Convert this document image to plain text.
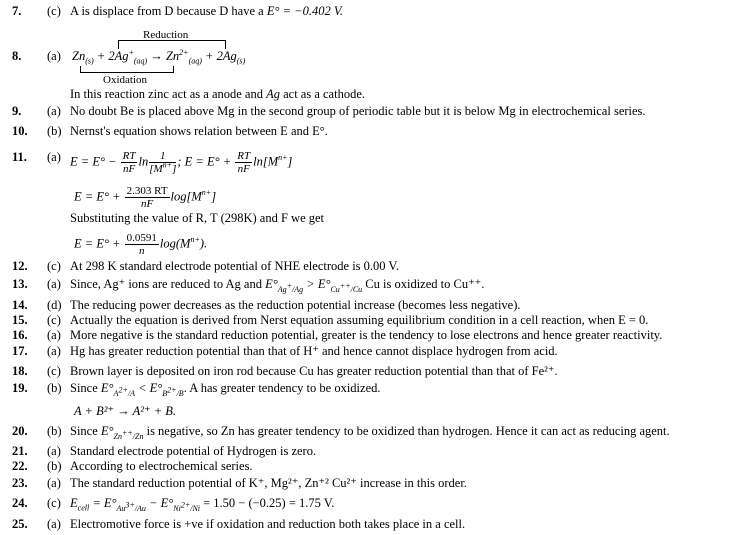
7. (c) A is displace from D because D have a E° = −0.402 V.
Reduction
8. (a) $Zn_{(s)} + 2Ag^+_{(aq)} \to Zn^{2+}_{(aq)} + 2Ag_{(s)}$
Oxidation
In this reaction zinc act as a anode and Ag act as a cathode.
9. (a) No doubt Be is placed above Mg in the second group of periodic table but it is below Mg in electrochemical series.
10. (b) Nernst's equation shows relation between E and E°.
11. (a) $E = E^\circ - \frac{RT}{nF}$ $\ln \frac{1}{[M^{n+}]}$ ; $E = E^\circ + \frac{RT}{nF} \ln[M^{n+}]$
$E = E^\circ + \frac{2.303 RT}{nF} \log[M^{n+}]$
Substituting the value of R, T (298K) and F we get
$E = E^\circ + \frac{0.0591}{n} \log(M^{n+})$.
12. (c) At 298 K standard electrode potential of NHE electrode is 0.00 V.
13. (a) Since, Ag⁺ ions are reduced to Ag and $E^\circ_{Ag^+/Ag} > E^\circ_{Cu^{++}/Cu}$ Cu is oxidized to Cu⁺⁺.
14. (d) The reducing power decreases as the reduction potential increase (becomes less negative).
15. (c) Actually the equation is derived from Nerst equation assuming equilibrium condition in a cell reaction, when E = 0.
16. (a) More negative is the standard reduction potential, greater is the tendency to lose electrons and hence greater reactivity.
17. (a) Hg has greater reduction potential than that of H⁺ and hence cannot displace hydrogen from acid.
18. (c) Brown layer is deposited on iron rod because Cu has greater reduction potential than that of Fe²⁺.
19. (b) Since $E^\circ_{A^{2+}/A} < E^\circ_{B^{2+}/B}$. A has greater tendency to be oxidized.
A + B²⁺ → A²⁺ + B.
20. (b) Since $E^\circ_{Zn^{++}/Zn}$ is negative, so Zn has greater tendency to be oxidized than hydrogen. Hence it can act as reducing agent.
21. (a) Standard electrode potential of Hydrogen is zero.
22. (b) According to electrochemical series.
23. (a) The standard reduction potential of K⁺, Mg²⁺, Zn⁺² Cu²⁺ increase in this order.
24. (c) $E_{cell} = E^\circ_{Au^{3+}/Au} - E^\circ_{Ni^{2+}/Ni} = 1.50 - (-0.25) = 1.75$ V.
25. (a) Electromotive force is +ve if oxidation and reduction both takes place in a cell.
